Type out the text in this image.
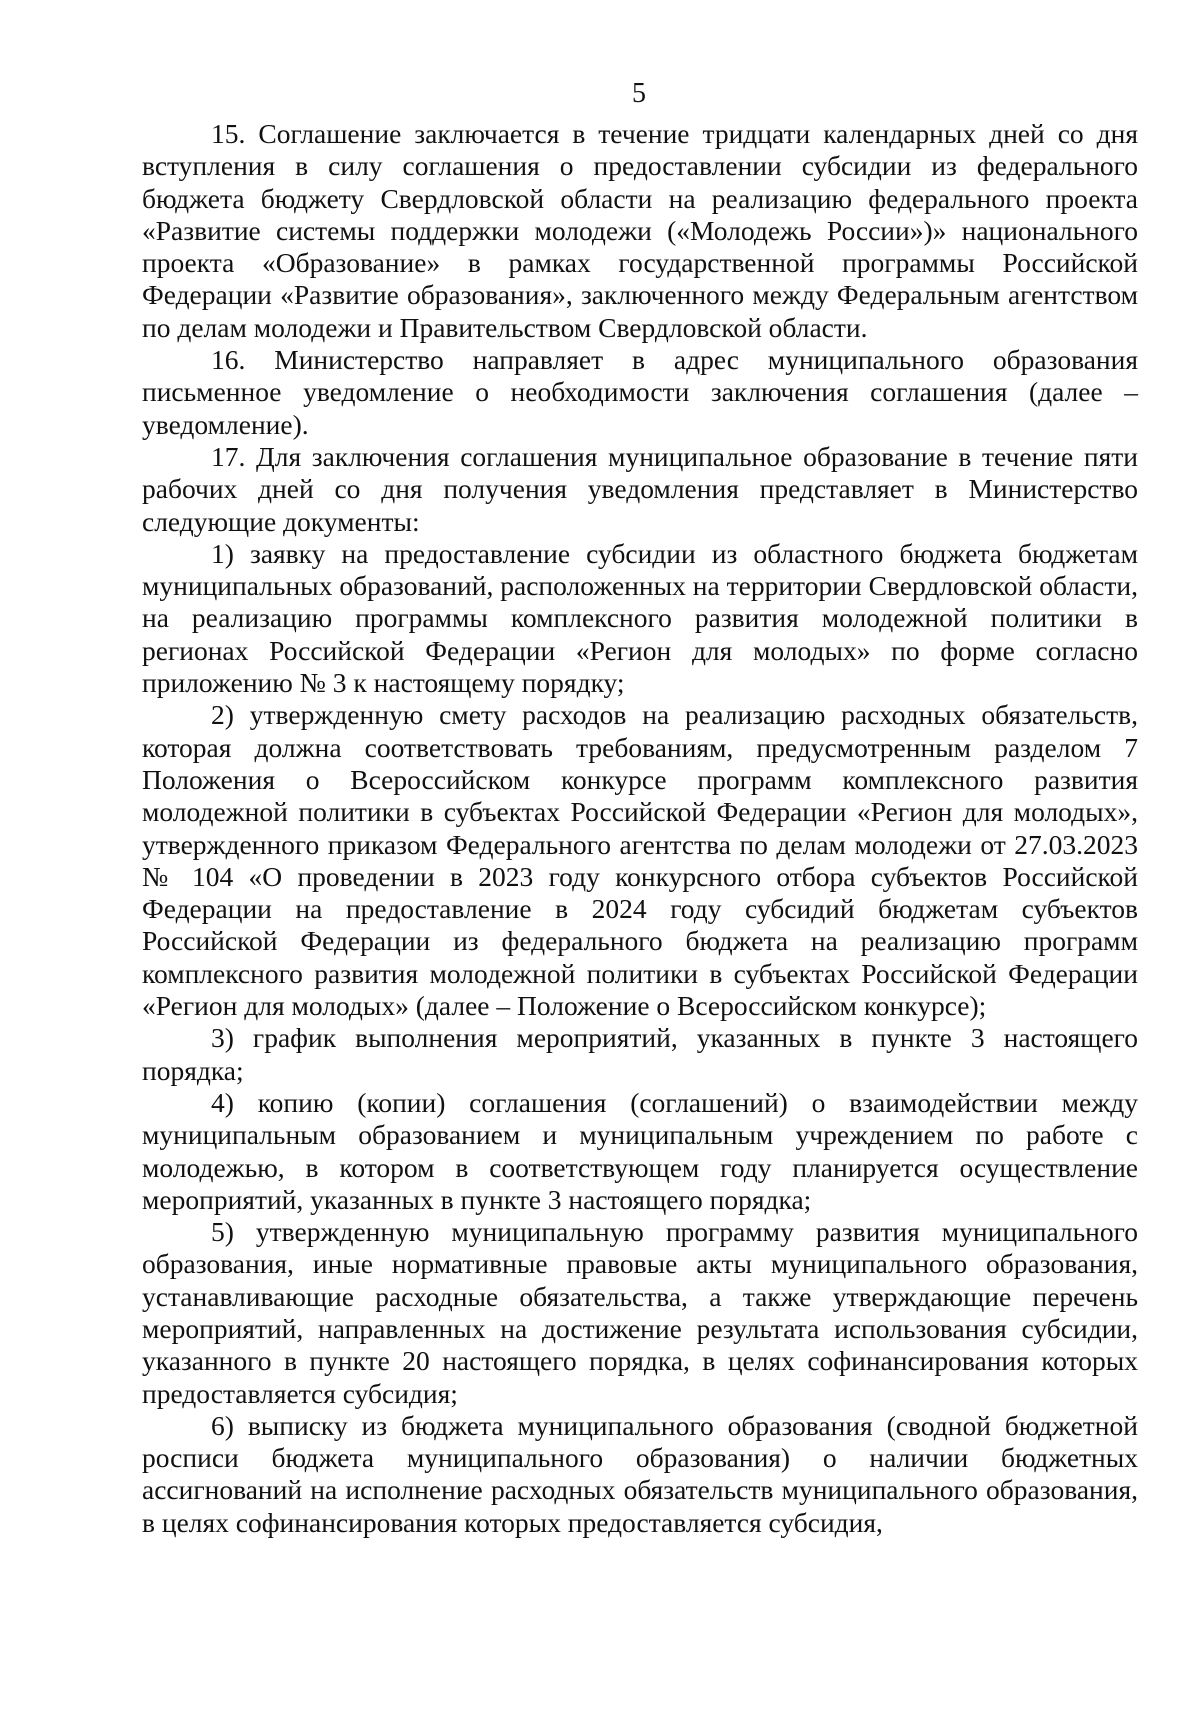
5

15. Соглашение заключается в течение тридцати календарных дней со дня вступления в силу соглашения о предоставлении субсидии из федерального бюджета бюджету Свердловской области на реализацию федерального проекта «Развитие системы поддержки молодежи («Молодежь России»)» национального проекта «Образование» в рамках государственной программы Российской Федерации «Развитие образования», заключенного между Федеральным агентством по делам молодежи и Правительством Свердловской области.

16. Министерство направляет в адрес муниципального образования письменное уведомление о необходимости заключения соглашения (далее – уведомление).

17. Для заключения соглашения муниципальное образование в течение пяти рабочих дней со дня получения уведомления представляет в Министерство следующие документы:

1) заявку на предоставление субсидии из областного бюджета бюджетам муниципальных образований, расположенных на территории Свердловской области, на реализацию программы комплексного развития молодежной политики в регионах Российской Федерации «Регион для молодых» по форме согласно приложению № 3 к настоящему порядку;

2) утвержденную смету расходов на реализацию расходных обязательств, которая должна соответствовать требованиям, предусмотренным разделом 7 Положения о Всероссийском конкурсе программ комплексного развития молодежной политики в субъектах Российской Федерации «Регион для молодых», утвержденного приказом Федерального агентства по делам молодежи от 27.03.2023 № 104 «О проведении в 2023 году конкурсного отбора субъектов Российской Федерации на предоставление в 2024 году субсидий бюджетам субъектов Российской Федерации из федерального бюджета на реализацию программ комплексного развития молодежной политики в субъектах Российской Федерации «Регион для молодых» (далее – Положение о Всероссийском конкурсе);

3) график выполнения мероприятий, указанных в пункте 3 настоящего порядка;

4) копию (копии) соглашения (соглашений) о взаимодействии между муниципальным образованием и муниципальным учреждением по работе с молодежью, в котором в соответствующем году планируется осуществление мероприятий, указанных в пункте 3 настоящего порядка;

5) утвержденную муниципальную программу развития муниципального образования, иные нормативные правовые акты муниципального образования, устанавливающие расходные обязательства, а также утверждающие перечень мероприятий, направленных на достижение результата использования субсидии, указанного в пункте 20 настоящего порядка, в целях софинансирования которых предоставляется субсидия;

6) выписку из бюджета муниципального образования (сводной бюджетной росписи бюджета муниципального образования) о наличии бюджетных ассигнований на исполнение расходных обязательств муниципального образования, в целях софинансирования которых предоставляется субсидия,
